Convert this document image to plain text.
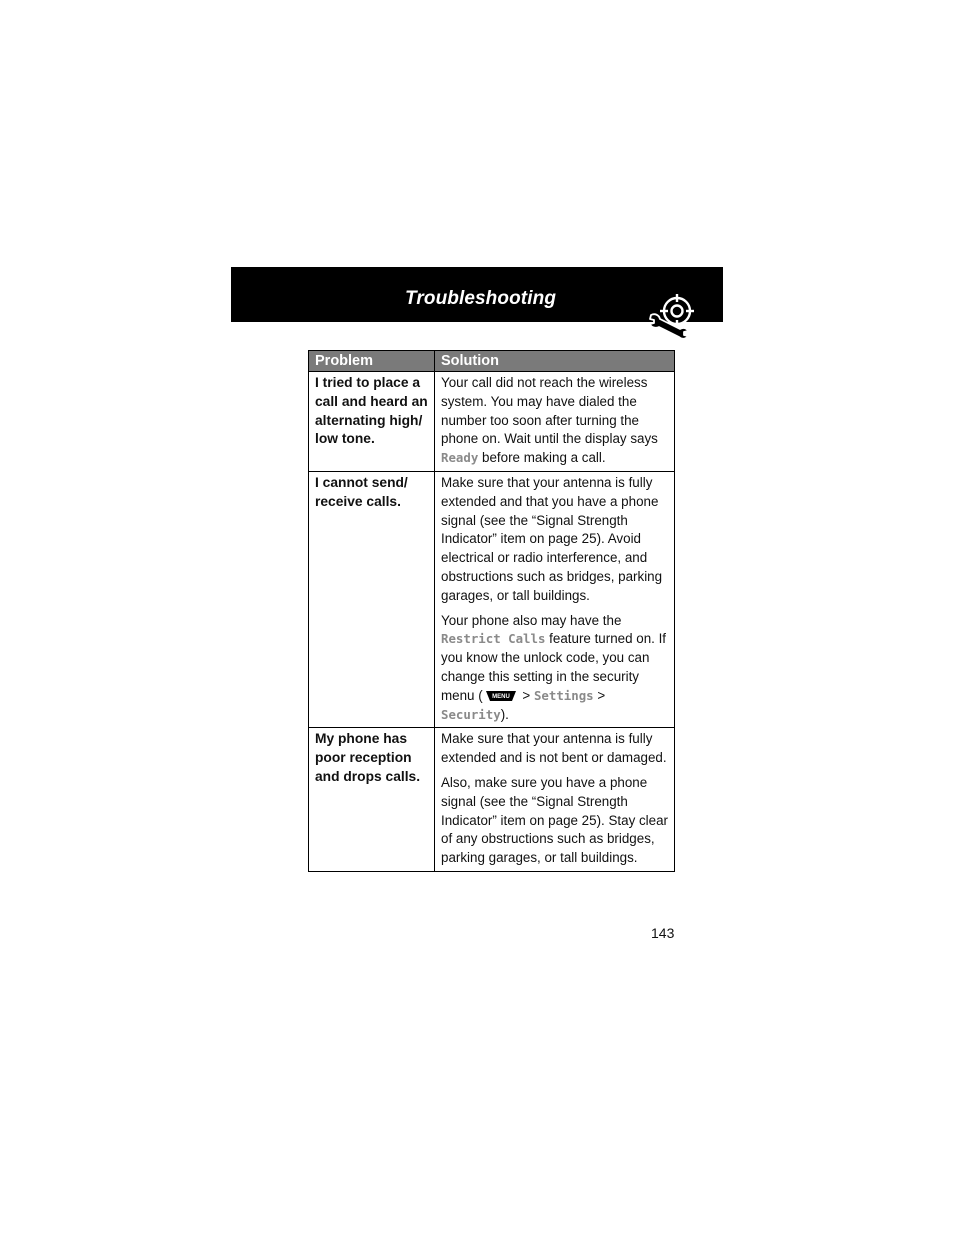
Troubleshooting
Problem	Solution
I tried to place a call and heard an alternating high/ low tone.	Your call did not reach the wireless system. You may have dialed the number too soon after turning the phone on. Wait until the display says Ready before making a call.

I cannot send/ receive calls.	Make sure that your antenna is fully extended and that you have a phone signal (see the “Signal Strength Indicator” item on page 25). Avoid electrical or radio interference, and obstructions such as bridges, parking garages, or tall buildings.

Your phone also may have the Restrict Calls feature turned on. If you know the unlock code, you can change this setting in the security menu ( MENU > Settings > Security).

My phone has poor reception and drops calls.	Make sure that your antenna is fully extended and is not bent or damaged.

Also, make sure you have a phone signal (see the “Signal Strength Indicator” item on page 25). Stay clear of any obstructions such as bridges, parking garages, or tall buildings.

143
